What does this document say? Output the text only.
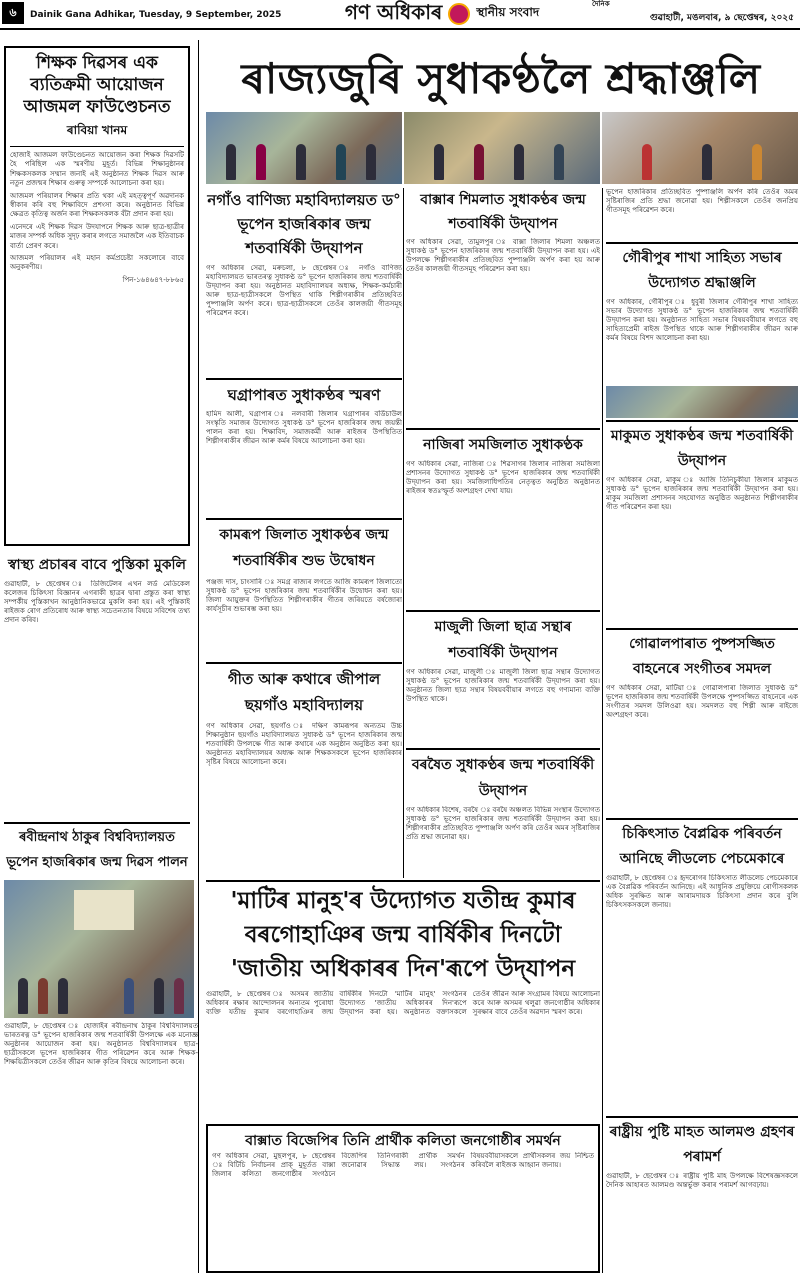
৬	Dainik Gana Adhikar, Tuesday, 9 September, 2025
দৈনিক
গণ অধিকাৰ	স্থানীয় সংবাদ	গুৱাহাটী, মঙলবাৰ, ৯ ছেপ্তেম্বৰ, ২০২৫
শিক্ষক দিৱসৰ এক ব্যতিক্ৰমী আয়োজন আজমল ফাউণ্ডেচনত
ৰাবিয়া খানম

হোজাই আজমল ফাউণ্ডেচনত আয়োজন কৰা শিক্ষক দিৱসটি হৈ পৰিছিল এক স্মৰণীয় মুহূৰ্ত। বিভিন্ন শিক্ষানুষ্ঠানৰ শিক্ষকসকলক সম্মান জনাই এই অনুষ্ঠানত শিক্ষক দিৱস আৰু নতুন প্ৰজন্মৰ শিক্ষাৰ গুৰুত্ব সম্পৰ্কে আলোচনা কৰা হয়।

আজমল পৰিয়ালৰ শিক্ষাৰ প্ৰতি থকা এই মহত্ত্বপূৰ্ণ অৱদানক স্বীকাৰ কৰি বহু শিক্ষাবিদে প্ৰশংসা কৰে। অনুষ্ঠানত বিভিন্ন ক্ষেত্ৰত কৃতিত্ব অৰ্জন কৰা শিক্ষকসকলক বঁটা প্ৰদান কৰা হয়।

এনেদৰে এই শিক্ষক দিৱস উদযাপনে শিক্ষক আৰু ছাত্ৰ-ছাত্ৰীৰ মাজৰ সম্পৰ্ক অধিক সুদৃঢ় কৰাৰ লগতে সমাজলৈ এক ইতিবাচক বাৰ্তা প্ৰেৰণ কৰে।

আজমল পৰিয়ালৰ এই মহান কৰ্মপ্ৰচেষ্টা সকলোৰে বাবে অনুকৰণীয়।

পিন-১৬৪৬৪৭-৮৮৬৫

স্বাস্থ্য প্ৰচাৰৰ বাবে পুস্তিকা মুকলি
গুৱাহাটী, ৮ ছেপ্তেম্বৰ ঃ ডিজিটেলৰ এখন লৰ্ড মেডিকেল কলেজৰ চিকিৎসা বিজ্ঞানৰ এগৰাকী ছাত্ৰৰ দ্বাৰা প্ৰস্তুত কৰা স্বাস্থ্য সম্পৰ্কীয় পুস্তিকাখন আনুষ্ঠানিকভাৱে মুকলি কৰা হয়। এই পুস্তিকাই ৰাইজক ৰোগ প্ৰতিৰোধ আৰু স্বাস্থ্য সচেতনতাৰ বিষয়ে সবিশেষ তথ্য প্ৰদান কৰিব।
ৰবীন্দ্ৰনাথ ঠাকুৰ বিশ্ববিদ্যালয়ত
ভূপেন হাজৰিকাৰ জন্ম দিৱস পালন
গুৱাহাটী, ৮ ছেপ্তেম্বৰ ঃ হোজাইৰ ৰবীন্দ্ৰনাথ ঠাকুৰ বিশ্ববিদ্যালয়ত ভাৰতৰত্ন ড° ভূপেন হাজৰিকাৰ জন্ম শতবাৰ্ষিকী উপলক্ষে এক মনোজ্ঞ অনুষ্ঠানৰ আয়োজন কৰা হয়। অনুষ্ঠানত বিশ্ববিদ্যালয়ৰ ছাত্ৰ-ছাত্ৰীসকলে ভূপেন হাজৰিকাৰ গীত পৰিৱেশন কৰে আৰু শিক্ষক-শিক্ষয়িত্ৰীসকলে তেওঁৰ জীৱন আৰু কৃতিৰ বিষয়ে আলোচনা কৰে।
ৰাজ্যজুৰি সুধাকণ্ঠলৈ শ্ৰদ্ধাঞ্জলি
নগাঁও বাণিজ্য মহাবিদ্যালয়ত ড° ভূপেন হাজৰিকাৰ জন্ম শতবাৰ্ষিকী উদ্‌যাপন
গণ অধিকাৰ সেৱা, মৰুচলা, ৮ ছেপ্তেম্বৰ ঃ নগাঁও বাণিজ্য মহাবিদ্যালয়ত ভাৰতৰত্ন সুধাকণ্ঠ ড° ভূপেন হাজৰিকাৰ জন্ম শতবাৰ্ষিকী উদ্‌যাপন কৰা হয়। অনুষ্ঠানত মহাবিদ্যালয়ৰ অধ্যক্ষ, শিক্ষক-কৰ্মচাৰী আৰু ছাত্ৰ-ছাত্ৰীসকলে উপস্থিত থাকি শিল্পীগৰাকীৰ প্ৰতিচ্ছবিত পুষ্পাঞ্জলি অৰ্পণ কৰে। ছাত্ৰ-ছাত্ৰীসকলে তেওঁৰ কালজয়ী গীতসমূহ পৰিৱেশন কৰে।
ঘগ্ৰাপাৰত সুধাকণ্ঠৰ স্মৰণ
হামিদ আলী, ঘগ্ৰাপাৰ ঃ নলবাৰী জিলাৰ ঘগ্ৰাপাৰৰ বৰ্ডিচাউল সংস্কৃতি সমাজৰ উদ্যোগত সুধাকণ্ঠ ড° ভূপেন হাজৰিকাৰ জন্ম জয়ন্তী পালন কৰা হয়। শিক্ষাবিদ, সমাজকৰ্মী আৰু ৰাইজৰ উপস্থিতিত শিল্পীগৰাকীৰ জীৱন আৰু কৰ্মৰ বিষয়ে আলোচনা কৰা হয়।
কামৰূপ জিলাত সুধাকণ্ঠৰ জন্ম শতবাৰ্ষিকীৰ শুভ উদ্বোধন
পঞ্জজ দাস, চাংসাৰি ঃ সমগ্ৰ ৰাজ্যৰ লগতে আজি কামৰূপ জিলাতো সুধাকণ্ঠ ড° ভূপেন হাজৰিকাৰ জন্ম শতবাৰ্ষিকীৰ উদ্বোধন কৰা হয়। জিলা আয়ুক্তৰ উপস্থিতিত শিল্পীগৰাকীৰ গীতৰ জৰিয়তে বৰ্ষজোৰা কাৰ্যসূচীৰ শুভাৰম্ভ কৰা হয়।
গীত আৰু কথাৰে জীপাল ছয়গাঁও মহাবিদ্যালয়
গণ অধিকাৰ সেৱা, ছয়গাঁও ঃ দক্ষিণ কামৰূপৰ অন্যতম উচ্চ শিক্ষানুষ্ঠান ছয়গাঁও মহাবিদ্যালয়ত সুধাকণ্ঠ ড° ভূপেন হাজৰিকাৰ জন্ম শতবাৰ্ষিকী উপলক্ষে গীত আৰু কথাৰে এক অনুষ্ঠান অনুষ্ঠিত কৰা হয়। অনুষ্ঠানত মহাবিদ্যালয়ৰ অধ্যক্ষ আৰু শিক্ষকসকলে ভূপেন হাজৰিকাৰ সৃষ্টিৰ বিষয়ে আলোচনা কৰে।
বাক্সাৰ শিমলাত সুধাকণ্ঠৰ জন্ম শতবাৰ্ষিকী উদ্‌যাপন
গণ অধিকাৰ সেৱা, তামুলপুৰ ঃ বাক্সা জিলাৰ শিমলা অঞ্চলত সুধাকণ্ঠ ড° ভূপেন হাজৰিকাৰ জন্ম শতবাৰ্ষিকী উদ্‌যাপন কৰা হয়। এই উপলক্ষে শিল্পীগৰাকীৰ প্ৰতিচ্ছবিত পুষ্পাঞ্জলি অৰ্পণ কৰা হয় আৰু তেওঁৰ কালজয়ী গীতসমূহ পৰিৱেশন কৰা হয়।
নাজিৰা সমজিলাত সুধাকণ্ঠক
গণ অধিকাৰ সেৱা, নাজিৰা ঃ শিৱসাগৰ জিলাৰ নাজিৰা সমজিলা প্ৰশাসনৰ উদ্যোগত সুধাকণ্ঠ ড° ভূপেন হাজৰিকাৰ জন্ম শতবাৰ্ষিকী উদ্‌যাপন কৰা হয়। সমজিলাধিপতিৰ নেতৃত্বত অনুষ্ঠিত অনুষ্ঠানত ৰাইজৰ স্বতঃস্ফূৰ্ত অংশগ্ৰহণ দেখা যায়।
মাজুলী জিলা ছাত্ৰ সন্থাৰ শতবাৰ্ষিকী উদ্‌যাপন
গণ অধিকাৰ সেৱা, মাজুলী ঃ মাজুলী জিলা ছাত্ৰ সন্থাৰ উদ্যোগত সুধাকণ্ঠ ড° ভূপেন হাজৰিকাৰ জন্ম শতবাৰ্ষিকী উদ্‌যাপন কৰা হয়। অনুষ্ঠানত জিলা ছাত্ৰ সন্থাৰ বিষয়ববীয়াৰ লগতে বহু গণ্যমান্য ব্যক্তি উপস্থিত থাকে।
বৰষৈত সুধাকণ্ঠৰ জন্ম শতবাৰ্ষিকী উদ্‌যাপন
গণ অধিকাৰ বিশেষ, বৰষৈ ঃ বৰষৈ অঞ্চলত বিভিন্ন সংস্থাৰ উদ্যোগত সুধাকণ্ঠ ড° ভূপেন হাজৰিকাৰ জন্ম শতবাৰ্ষিকী উদ্‌যাপন কৰা হয়। শিল্পীগৰাকীৰ প্ৰতিচ্ছবিত পুষ্পাঞ্জলি অৰ্পণ কৰি তেওঁৰ অমৰ সৃষ্টিৰাজিৰ প্ৰতি শ্ৰদ্ধা জনোৱা হয়।
'মাটিৰ মানুহ'ৰ উদ্যোগত যতীন্দ্ৰ কুমাৰ বৰগোহাঞিৰ জন্ম বাৰ্ষিকীৰ দিনটো 'জাতীয় অধিকাৰৰ দিন'ৰূপে উদ্‌যাপন
গুৱাহাটী, ৮ ছেপ্তেম্বৰ ঃ অসমৰ জাতীয় অধিকাৰ ৰক্ষাৰ আন্দোলনৰ অন্যতম পুৰোধা ব্যক্তি যতীন্দ্ৰ কুমাৰ বৰগোহাঞিৰ জন্ম বাৰ্ষিকীৰ দিনটো 'মাটিৰ মানুহ' সংগঠনৰ উদ্যোগত 'জাতীয় অধিকাৰৰ দিন'ৰূপে উদ্‌যাপন কৰা হয়। অনুষ্ঠানত বক্তাসকলে তেওঁৰ জীৱন আৰু সংগ্ৰামৰ বিষয়ে আলোচনা কৰে আৰু অসমৰ থলুৱা জনগোষ্ঠীৰ অধিকাৰ সুৰক্ষাৰ বাবে তেওঁৰ অৱদান স্মৰণ কৰে।
বাক্সাত বিজেপিৰ তিনি প্ৰাৰ্থীক কলিতা জনগোষ্ঠীৰ সমৰ্থন
গণ অধিকাৰ সেৱা, মুছলপুৰ, ৮ ছেপ্তেম্বৰ ঃ বিটিচি নিৰ্বাচনৰ প্ৰাক্ মুহূৰ্তত বাক্সা জিলাৰ কলিতা জনগোষ্ঠীৰ সংগঠনে বিজেপিৰ তিনিগৰাকী প্ৰাৰ্থীক সমৰ্থন জনোৱাৰ সিদ্ধান্ত লয়। সংগঠনৰ বিষয়ববীয়াসকলে প্ৰাৰ্থীসকলৰ জয় নিশ্চিত কৰিবলৈ ৰাইজক আহ্বান জনায়।
ভূপেন হাজৰিকাৰ প্ৰতিচ্ছবিত পুষ্পাঞ্জলি অৰ্পণ কৰি তেওঁৰ অমৰ সৃষ্টিৰাজিৰ প্ৰতি শ্ৰদ্ধা জনোৱা হয়। শিল্পীসকলে তেওঁৰ জনপ্ৰিয় গীতসমূহ পৰিৱেশন কৰে।
গৌৰীপুৰ শাখা সাহিত্য সভাৰ উদ্যোগত শ্ৰদ্ধাঞ্জলি
গণ অধিকাৰ, গৌৰীপুৰ ঃ ধুবুৰী জিলাৰ গৌৰীপুৰ শাখা সাহিত্য সভাৰ উদ্যোগত সুধাকণ্ঠ ড° ভূপেন হাজৰিকাৰ জন্ম শতবাৰ্ষিকী উদ্‌যাপন কৰা হয়। অনুষ্ঠানত সাহিত্য সভাৰ বিষয়ববীয়াৰ লগতে বহু সাহিত্যপ্ৰেমী ৰাইজ উপস্থিত থাকে আৰু শিল্পীগৰাকীৰ জীৱন আৰু কৰ্মৰ বিষয়ে বিশদ আলোচনা কৰা হয়।
মাকুমত সুধাকণ্ঠৰ জন্ম শতবাৰ্ষিকী উদ্‌যাপন
গণ অধিকাৰ সেৱা, মাকুম ঃ আজি তিনিচুকীয়া জিলাৰ মাকুমত সুধাকণ্ঠ ড° ভূপেন হাজৰিকাৰ জন্ম শতবাৰ্ষিকী উদ্‌যাপন কৰা হয়। মাকুম সমজিলা প্ৰশাসনৰ সহযোগত অনুষ্ঠিত অনুষ্ঠানত শিল্পীগৰাকীৰ গীত পৰিৱেশন কৰা হয়।
গোৱালপাৰাত পুষ্পসজ্জিত বাহনেৰে সংগীতৰ সমদল
গণ অধিকাৰ সেৱা, মাটিয়া ঃ গোৱালপাৰা জিলাত সুধাকণ্ঠ ড° ভূপেন হাজৰিকাৰ জন্ম শতবাৰ্ষিকী উপলক্ষে পুষ্পসজ্জিত বাহনেৰে এক সংগীতৰ সমদল উলিওৱা হয়। সমদলত বহু শিল্পী আৰু ৰাইজে অংশগ্ৰহণ কৰে।
চিকিৎসাত বৈপ্লৱিক পৰিবৰ্তন আনিছে লীডলেচ পেচমেকাৰে
গুৱাহাটী, ৮ ছেপ্তেম্বৰ ঃ হৃদৰোগৰ চিকিৎসাত লীডলেচ পেচমেকাৰে এক বৈপ্লৱিক পৰিবৰ্তন আনিছে। এই আধুনিক প্ৰযুক্তিয়ে ৰোগীসকলক অধিক সুৰক্ষিত আৰু আৰামদায়ক চিকিৎসা প্ৰদান কৰে বুলি চিকিৎসকসকলে জনায়।
ৰাষ্ট্ৰীয় পুষ্টি মাহত আলমণ্ড গ্ৰহণৰ পৰামৰ্শ
গুৱাহাটী, ৮ ছেপ্তেম্বৰ ঃ ৰাষ্ট্ৰীয় পুষ্টি মাহ উপলক্ষে বিশেষজ্ঞসকলে দৈনিক আহাৰত আলমণ্ড অন্তৰ্ভুক্ত কৰাৰ পৰামৰ্শ আগবঢ়ায়।
